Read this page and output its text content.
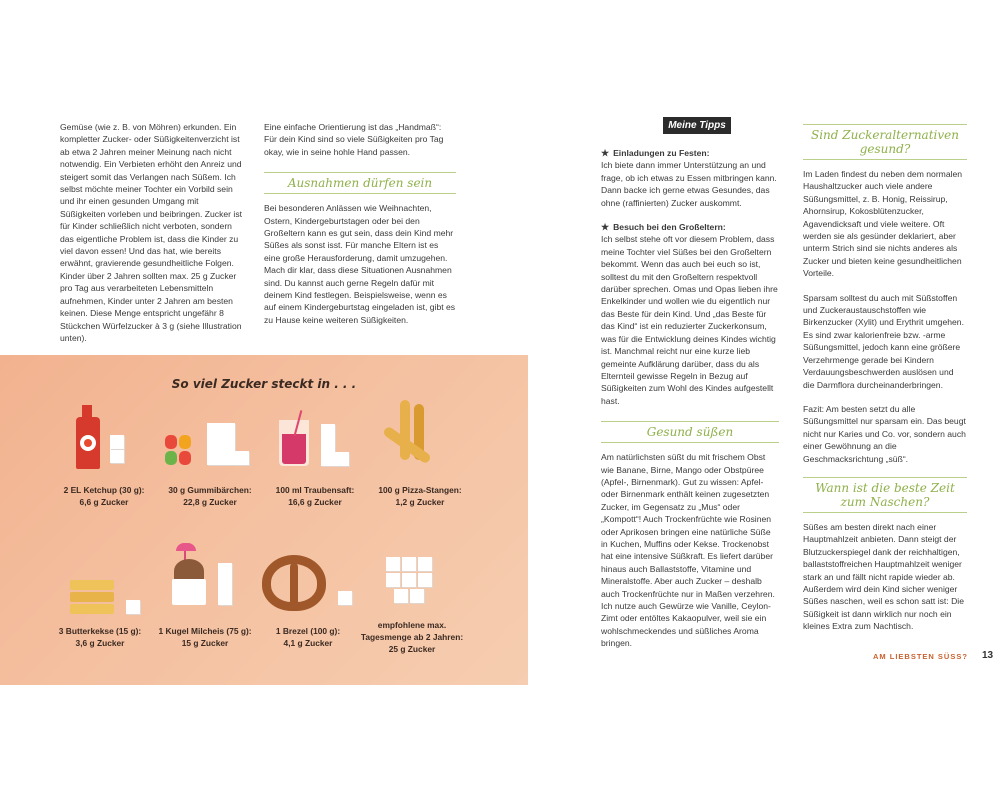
Gemüse (wie z. B. von Möhren) erkunden. Ein kompletter Zucker- oder Süßigkeitenverzicht ist ab etwa 2 Jahren meiner Meinung nach nicht notwendig. Ein Verbieten erhöht den Anreiz und steigert somit das Verlangen nach Süßem. Ich selbst möchte meiner Tochter ein Vorbild sein und ihr einen gesunden Umgang mit Süßigkeiten vorleben und beibringen. Zucker ist für Kinder schließlich nicht verboten, sondern das eigentliche Problem ist, dass die Kinder zu viel davon essen! Und das hat, wie bereits erwähnt, gravierende gesundheitliche Folgen. Kinder über 2 Jahren sollten max. 25 g Zucker pro Tag aus verarbeiteten Lebensmitteln aufnehmen, Kinder unter 2 Jahren am besten keinen. Diese Menge entspricht ungefähr 8 Stückchen Würfelzucker à 3 g (siehe Illustration unten).

Eine einfache Orientierung ist das „Handmaß“: Für dein Kind sind so viele Süßigkeiten pro Tag okay, wie in seine hohle Hand passen.

Ausnahmen dürfen sein

Bei besonderen Anlässen wie Weihnachten, Ostern, Kindergeburtstagen oder bei den Großeltern kann es gut sein, dass dein Kind mehr Süßes als sonst isst. Für manche Eltern ist es eine große Herausforderung, damit umzugehen. Mach dir klar, dass diese Situationen Ausnahmen sind. Du kannst auch gerne Regeln dafür mit deinem Kind festlegen. Beispielsweise, wenn es auf einem Kindergeburtstag eingeladen ist, gibt es zu Hause keine weiteren Süßigkeiten.

So viel Zucker steckt in . . .
2 EL Ketchup (30 g):
6,6 g Zucker
30 g Gummibärchen:
22,8 g Zucker
100 ml Traubensaft:
16,6 g Zucker
100 g Pizza-Stangen:
1,2 g Zucker
3 Butterkekse (15 g):
3,6 g Zucker
1 Kugel Milcheis (75 g):
15 g Zucker
1 Brezel (100 g):
4,1 g Zucker
empfohlene max. Tagesmenge ab 2 Jahren: 25 g Zucker
Meine Tipps
★ Einladungen zu Festen:

Ich biete dann immer Unterstützung an und frage, ob ich etwas zu Essen mitbringen kann. Dann backe ich gerne etwas Gesundes, das ohne (raffinierten) Zucker auskommt.

★ Besuch bei den Großeltern:

Ich selbst stehe oft vor diesem Problem, dass meine Tochter viel Süßes bei den Großeltern bekommt. Wenn das auch bei euch so ist, solltest du mit den Großeltern respektvoll darüber sprechen. Omas und Opas lieben ihre Enkelkinder und wollen wie du eigentlich nur das Beste für dein Kind. Und „das Beste für das Kind“ ist ein reduzierter Zuckerkonsum, was für die Entwicklung deines Kindes wichtig ist. Manchmal reicht nur eine kurze lieb gemeinte Aufklärung darüber, dass du als Elternteil gewisse Regeln in Bezug auf Süßigkeiten zum Wohl des Kindes aufgestellt hast.

Gesund süßen

Am natürlichsten süßt du mit frischem Obst wie Banane, Birne, Mango oder Obstpüree (Apfel-, Birnenmark). Gut zu wissen: Apfel- oder Birnenmark enthält keinen zugesetzten Zucker, im Gegensatz zu „Mus“ oder „Kompott“! Auch Trockenfrüchte wie Rosinen oder Aprikosen bringen eine natürliche Süße in Kuchen, Muffins oder Kekse. Trockenobst hat eine intensive Süßkraft. Es liefert darüber hinaus auch Ballaststoffe, Vitamine und Mineralstoffe. Aber auch Zucker – deshalb auch Trockenfrüchte nur in Maßen verzehren.

Ich nutze auch Gewürze wie Vanille, Ceylon-Zimt oder entöltes Kakaopulver, weil sie ein wohlschmeckendes und süßliches Aroma bringen.

Sind Zuckeralternativen gesund?

Im Laden findest du neben dem normalen Haushaltzucker auch viele andere Süßungsmittel, z. B. Honig, Reissirup, Ahornsirup, Kokosblütenzucker, Agavendicksaft und viele weitere. Oft werden sie als gesünder deklariert, aber unterm Strich sind sie nichts anderes als Zucker und bieten keine gesundheitlichen Vorteile.

Sparsam solltest du auch mit Süßstoffen und Zuckeraustauschstoffen wie Birkenzucker (Xylit) und Erythrit umgehen. Es sind zwar kalorienfreie bzw. -arme Süßungsmittel, jedoch kann eine größere Verzehrmenge gerade bei Kindern Verdauungsbeschwerden auslösen und die Darmflora durcheinanderbringen.

Fazit: Am besten setzt du alle Süßungsmittel nur sparsam ein. Das beugt nicht nur Karies und Co. vor, sondern auch einer Gewöhnung an die Geschmacksrichtung „süß“.

Wann ist die beste Zeit zum Naschen?

Süßes am besten direkt nach einer Hauptmahlzeit anbieten. Dann steigt der Blutzuckerspiegel dank der reichhaltigen, ballaststoffreichen Hauptmahlzeit weniger stark an und fällt nicht rapide wieder ab. Außerdem wird dein Kind sicher weniger Süßes naschen, weil es schon satt ist: Die Süßigkeit ist dann wirklich nur noch ein kleines Extra zum Nachtisch.

AM LIEBSTEN SÜSS? 13
